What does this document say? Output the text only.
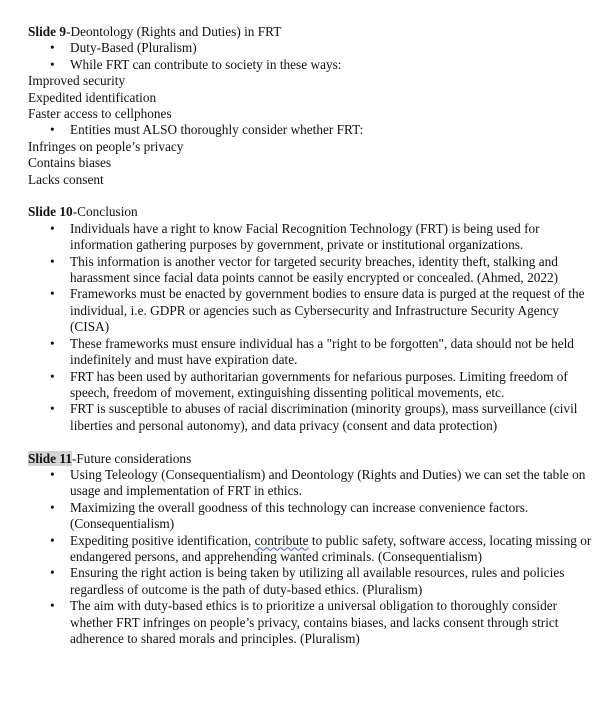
Slide 9-Deontology (Rights and Duties) in FRT

• Duty-Based (Pluralism)
• While FRT can contribute to society in these ways:

Improved security

Expedited identification

Faster access to cellphones

• Entities must ALSO thoroughly consider whether FRT:

Infringes on people’s privacy

Contains biases

Lacks consent

Slide 10-Conclusion

• Individuals have a right to know Facial Recognition Technology (FRT) is being used for information gathering purposes by government, private or institutional organizations.
• This information is another vector for targeted security breaches, identity theft, stalking and harassment since facial data points cannot be easily encrypted or concealed. (Ahmed, 2022)
• Frameworks must be enacted by government bodies to ensure data is purged at the request of the individual, i.e. GDPR or agencies such as Cybersecurity and Infrastructure Security Agency (CISA)
• These frameworks must ensure individual has a "right to be forgotten", data should not be held indefinitely and must have expiration date.
• FRT has been used by authoritarian governments for nefarious purposes. Limiting freedom of speech, freedom of movement, extinguishing dissenting political movements, etc.
• FRT is susceptible to abuses of racial discrimination (minority groups), mass surveillance (civil liberties and personal autonomy), and data privacy (consent and data protection)

Slide 11-Future considerations

• Using Teleology (Consequentialism) and Deontology (Rights and Duties) we can set the table on usage and implementation of FRT in ethics.
• Maximizing the overall goodness of this technology can increase convenience factors. (Consequentialism)
• Expediting positive identification, contribute to public safety, software access, locating missing or endangered persons, and apprehending wanted criminals. (Consequentialism)
• Ensuring the right action is being taken by utilizing all available resources, rules and policies regardless of outcome is the path of duty-based ethics. (Pluralism)
• The aim with duty-based ethics is to prioritize a universal obligation to thoroughly consider whether FRT infringes on people’s privacy, contains biases, and lacks consent through strict adherence to shared morals and principles. (Pluralism)
